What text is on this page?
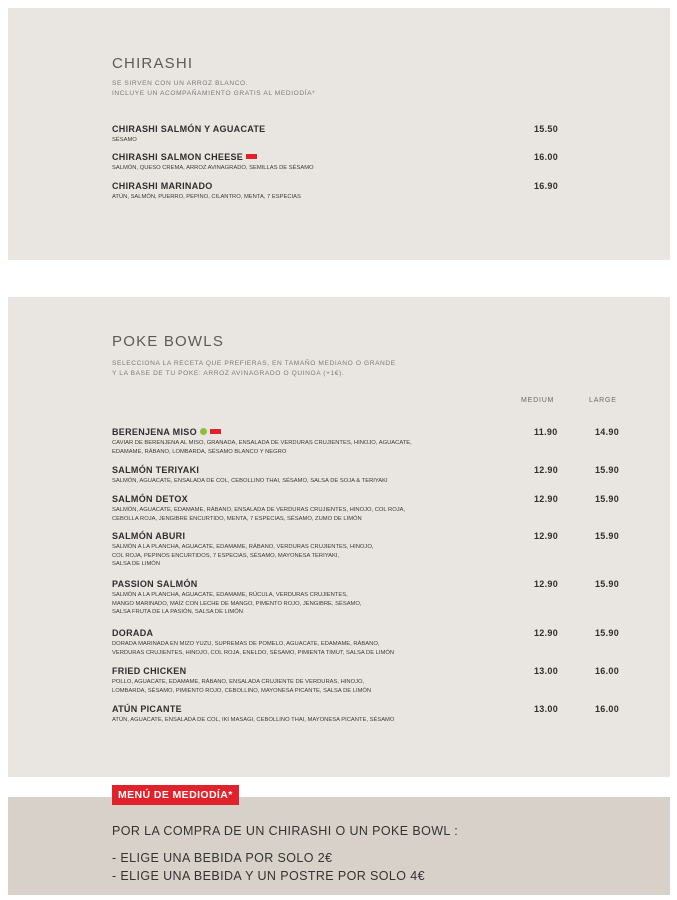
CHIRASHI
SE SIRVEN CON UN ARROZ BLANCO.
INCLUYE UN ACOMPAÑAMIENTO GRATIS AL MEDIODÍA*
CHIRASHI SALMÓN Y AGUACATE
SÉSAMO
15.50
CHIRASHI SALMON CHEESE
SALMÓN, QUESO CREMA, ARROZ AVINAGRADO, SEMILLAS DE SÉSAMO
16.00
CHIRASHI MARINADO
ATÚN, SALMÓN, PUERRO, PEPINO, CILANTRO, MENTA, 7 ESPECIAS
16.90
POKE BOWLS
SELECCIONA LA RECETA QUE PREFIERAS, EN TAMAÑO MEDIANO O GRANDE
Y LA BASE DE TU POKE: ARROZ AVINAGRADO O QUINOA (+1€).
MEDIUM	LARGE
BERENJENA MISO
CAVIAR DE BERENJENA AL MISO, GRANADA, ENSALADA DE VERDURAS CRUJIENTES, HINOJO, AGUACATE,
EDAMAME, RÁBANO, LOMBARDA, SÉSAMO BLANCO Y NEGRO
11.90	14.90
SALMÓN TERIYAKI
SALMÓN, AGUACATE, ENSALADA DE COL, CEBOLLINO THAI, SÉSAMO, SALSA DE SOJA & TERIYAKI
12.90	15.90
SALMÓN DETOX
SALMÓN, AGUACATE, EDAMAME, RÁBANO, ENSALADA DE VERDURAS CRUJIENTES, HINOJO, COL ROJA,
CEBOLLA ROJA, JENGIBRE ENCURTIDO, MENTA, 7 ESPECIAS, SÉSAMO, ZUMO DE LIMÓN
12.90	15.90
SALMÓN ABURI
SALMÓN A LA PLANCHA, AGUACATE, EDAMAME, RÁBANO, VERDURAS CRUJIENTES, HINOJO,
COL ROJA, PEPINOS ENCURTIDOS, 7 ESPECIAS, SÉSAMO, MAYONESA TERIYAKI,
SALSA DE LIMÓN
12.90	15.90
PASSION SALMÓN
SALMÓN A LA PLANCHA, AGUACATE, EDAMAME, RÚCULA, VERDURAS CRUJIENTES,
MANGO MARINADO, MAÍZ CON LECHE DE MANGO, PIMENTO ROJO, JENGIBRE, SÉSAMO,
SALSA FRUTA DE LA PASIÓN, SALSA DE LIMÓN
12.90	15.90
DORADA
DORADA MARINADA EN MIZO YUZU, SUPREMAS DE POMELO, AGUACATE, EDAMAME, RÁBANO,
VERDURAS CRUJIENTES, HINOJO, COL ROJA, ENELDO, SÉSAMO, PIMIENTA TIMUT, SALSA DE LIMÓN
12.90	15.90
FRIED CHICKEN
POLLO, AGUACATE, EDAMAME, RÁBANO, ENSALADA CRUJIENTE DE VERDURAS, HINOJO,
LOMBARDA, SÉSAMO, PIMIENTO ROJO, CEBOLLINO, MAYONESA PICANTE, SALSA DE LIMÓN
13.00	16.00
ATÚN PICANTE
ATÚN, AGUACATE, ENSALADA DE COL, IKI MASAGI, CEBOLLINO THAI, MAYONESA PICANTE, SÉSAMO
13.00	16.00
MENÚ DE MEDIODÍA*
POR LA COMPRA DE UN CHIRASHI O UN POKE BOWL :
- ELIGE UNA BEBIDA POR SOLO 2€
- ELIGE UNA BEBIDA Y UN POSTRE POR SOLO 4€
